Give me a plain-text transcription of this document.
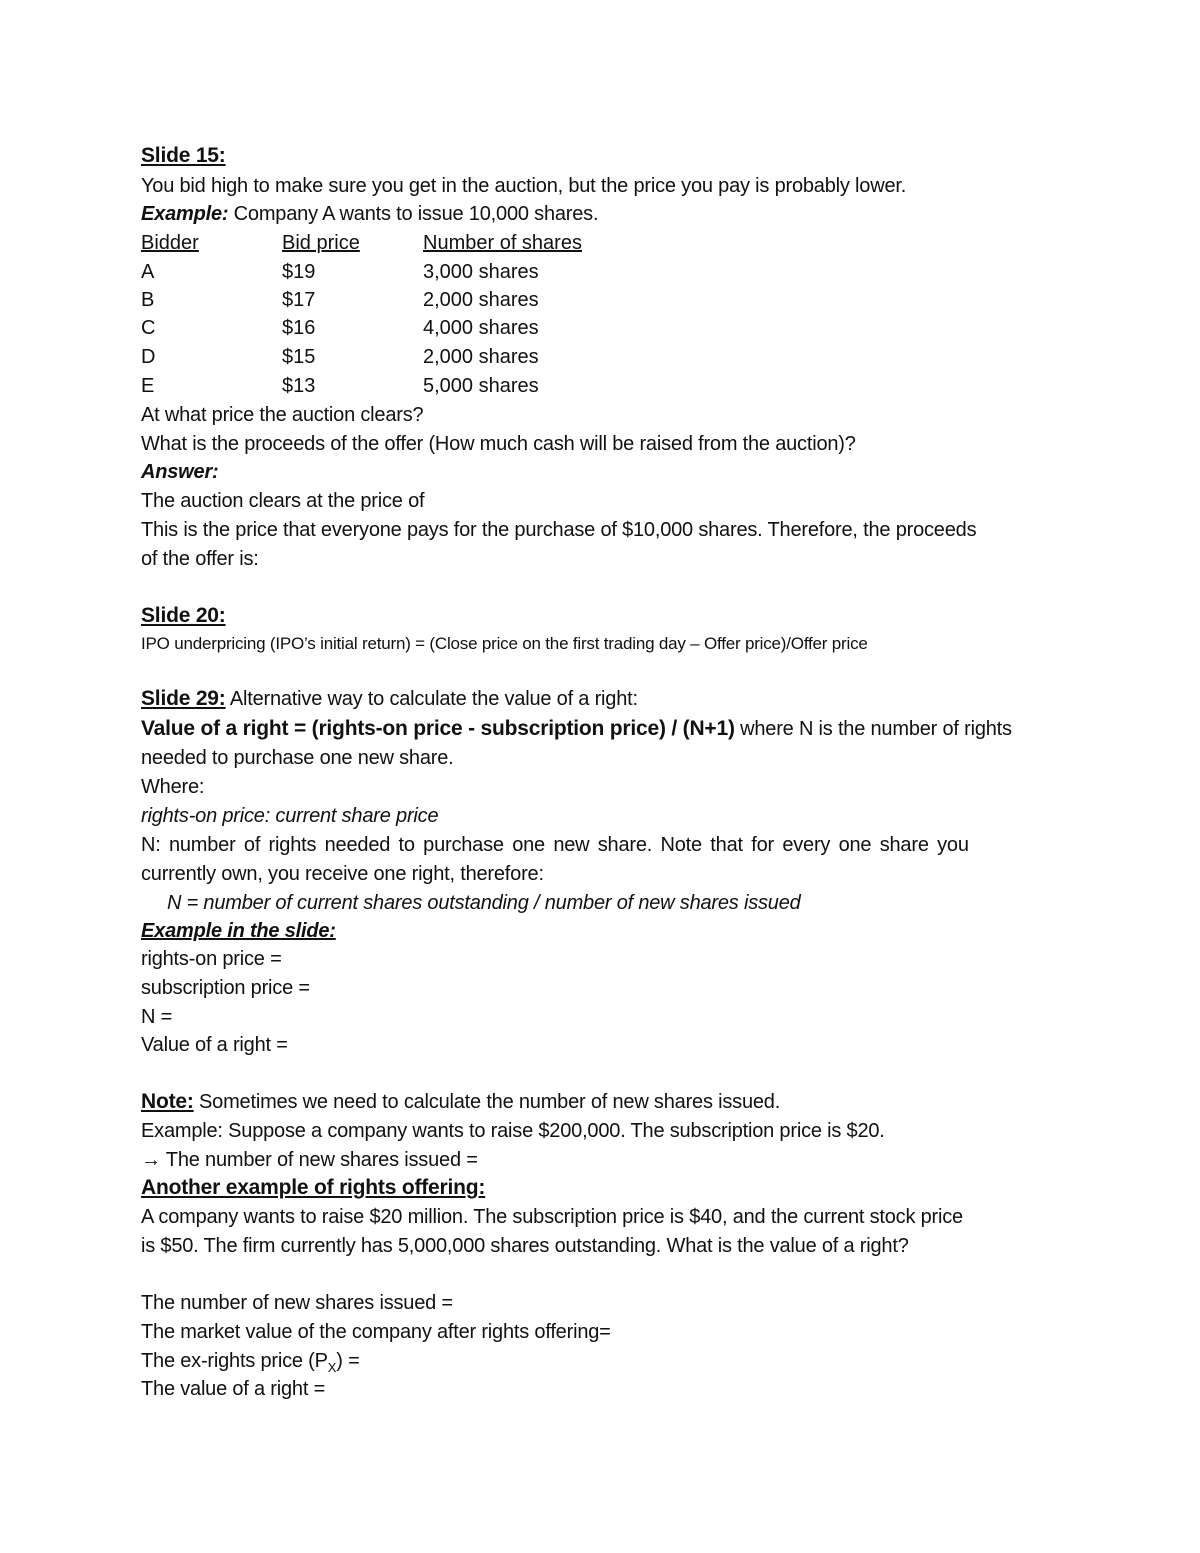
Slide 15:
You bid high to make sure you get in the auction, but the price you pay is probably lower.
Example: Company A wants to issue 10,000 shares.
Bidder	Bid price	Number of shares
A	$19	3,000 shares
B	$17	2,000 shares
C	$16	4,000 shares
D	$15	2,000 shares
E	$13	5,000 shares
At what price the auction clears?
What is the proceeds of the offer (How much cash will be raised from the auction)?
Answer:
The auction clears at the price of
This is the price that everyone pays for the purchase of $10,000 shares. Therefore, the proceeds
of the offer is:
Slide 20:
IPO underpricing (IPO’s initial return) = (Close price on the first trading day – Offer price)/Offer price
Slide 29: Alternative way to calculate the value of a right:
Value of a right = (rights-on price - subscription price) / (N+1) where N is the number of rights
needed to purchase one new share.
Where:
rights-on price: current share price
N: number of rights needed to purchase one new share. Note that for every one share you
currently own, you receive one right, therefore:
N = number of current shares outstanding / number of new shares issued
Example in the slide:
rights-on price =
subscription price =
N =
Value of a right =
Note: Sometimes we need to calculate the number of new shares issued.
Example: Suppose a company wants to raise $200,000. The subscription price is $20.
→ The number of new shares issued =
Another example of rights offering:
A company wants to raise $20 million. The subscription price is $40, and the current stock price
is $50. The firm currently has 5,000,000 shares outstanding. What is the value of a right?
The number of new shares issued =
The market value of the company after rights offering=
The ex-rights price $(P_X)$ =
The value of a right =
